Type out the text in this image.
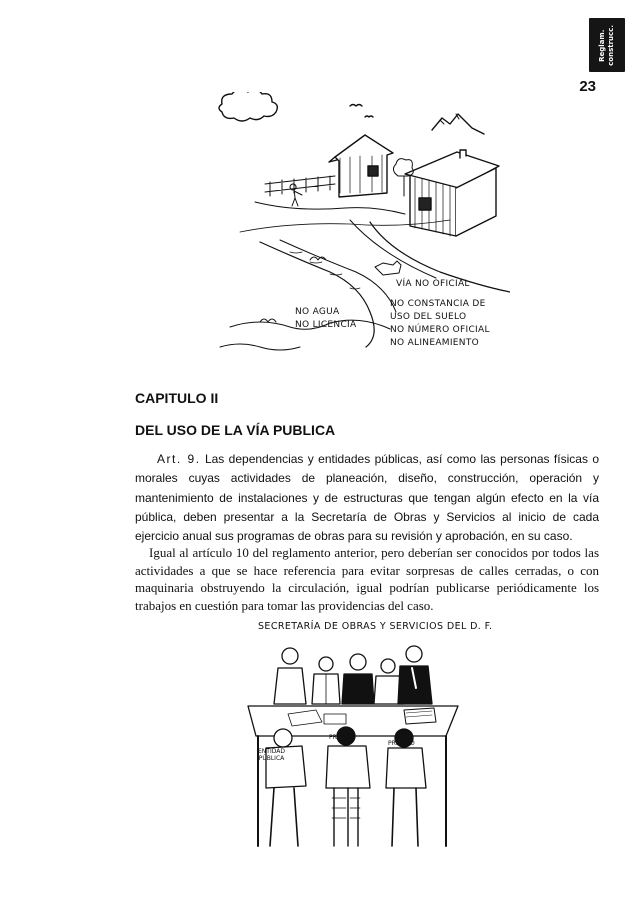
Reglam.
construcc.
23
VÍA NO OFICIAL
NO CONSTANCIA DE
USO DEL SUELO
NO NÚMERO OFICIAL
NO ALINEAMIENTO
NO AGUA
NO LICENCIA
CAPITULO II
DEL USO DE LA VÍA PUBLICA

Art. 9. Las dependencias y entidades públicas, así como las personas físicas o morales cuyas actividades de planeación, diseño, construcción, operación y mantenimiento de instalaciones y de estructuras que tengan algún efecto en la vía pública, deben presentar a la Secretaría de Obras y Servicios al inicio de cada ejercicio anual sus programas de obras para su revisión y aprobación, en su caso.

Igual al artículo 10 del reglamento anterior, pero deberían ser conocidos por todos las actividades a que se hace referencia para evitar sorpresas de calles cerradas, o con maquinaria obstruyendo la circulación, igual podrían publicarse periódicamente los trabajos en cuestión para tomar las providencias del caso.

ENTIDAD
PÚBLICA
PRIVADA
PRIVADO
SECRETARÍA DE OBRAS Y SERVICIOS DEL D. F.
